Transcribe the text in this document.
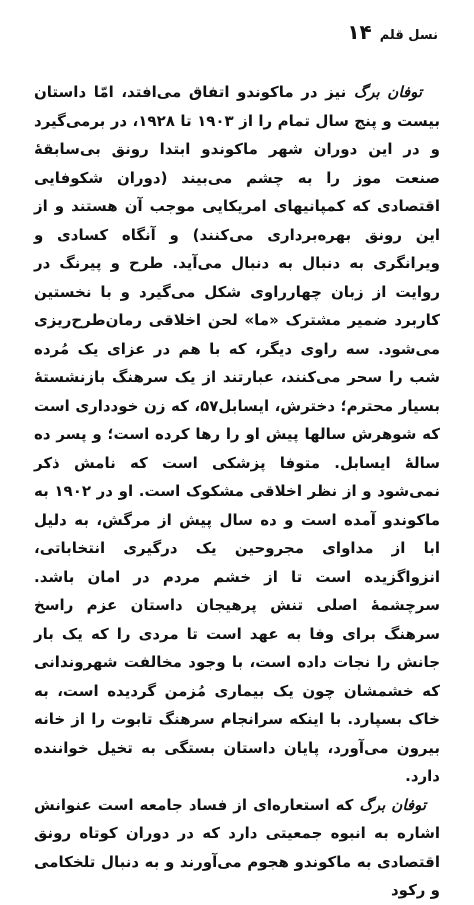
۱۴ نسل قلم

توفان برگ نیز در ماکوندو اتفاق می‌افتد، امّا داستان بیست و پنج سال تمام را از ۱۹۰۳ تا ۱۹۲۸، در برمی‌گیرد و در این دوران شهر ماکوندو ابتدا رونق بی‌سابقهٔ صنعت موز را به چشم می‌بیند (دوران شکوفایی اقتصادی که کمپانیهای امریکایی موجب آن هستند و از این رونق بهره‌برداری می‌کنند) و آنگاه کسادی و ویرانگری به دنبال به دنبال می‌آید. طرح و پیرنگ در روایت از زبان چهارراوی شکل می‌گیرد و با نخستین کاربرد ضمیر مشترک «ما» لحن اخلاقی رمان‌طرح‌ریزی می‌شود. سه راوی دیگر، که با هم در عزای یک مُرده شب را سحر می‌کنند، عبارتند از یک سرهنگ بازنشستهٔ بسیار محترم؛ دخترش، ایسابل۵۷، که زن خودداری است که شوهرش سالها پیش او را رها کرده است؛ و پسر ده سالهٔ ایسابل. متوفا پزشکی است که نامش ذکر نمی‌شود و از نظر اخلاقی مشکوک است. او در ۱۹۰۲ به ماکوندو آمده است و ده سال پیش از مرگش، به دلیل ابا از مداوای مجروحین یک درگیری انتخاباتی، انزواگزیده است تا از خشم مردم در امان باشد. سرچشمهٔ اصلی تنش پرهیجان داستان عزم راسخ سرهنگ برای وفا به عهد است تا مردی را که یک بار جانش را نجات داده است، با وجود مخالفت شهروندانی که خشمشان چون یک بیماری مُزمن گردیده است، به خاک بسپارد. با اینکه سرانجام سرهنگ تابوت را از خانه بیرون می‌آورد، پایان داستان بستگی به تخیل خواننده دارد.

توفان برگ که استعاره‌ای از فساد جامعه است عنوانش اشاره به انبوه جمعیتی دارد که در دوران کوتاه رونق اقتصادی به ماکوندو هجوم می‌آورند و به دنبال تلخکامی و رکود
